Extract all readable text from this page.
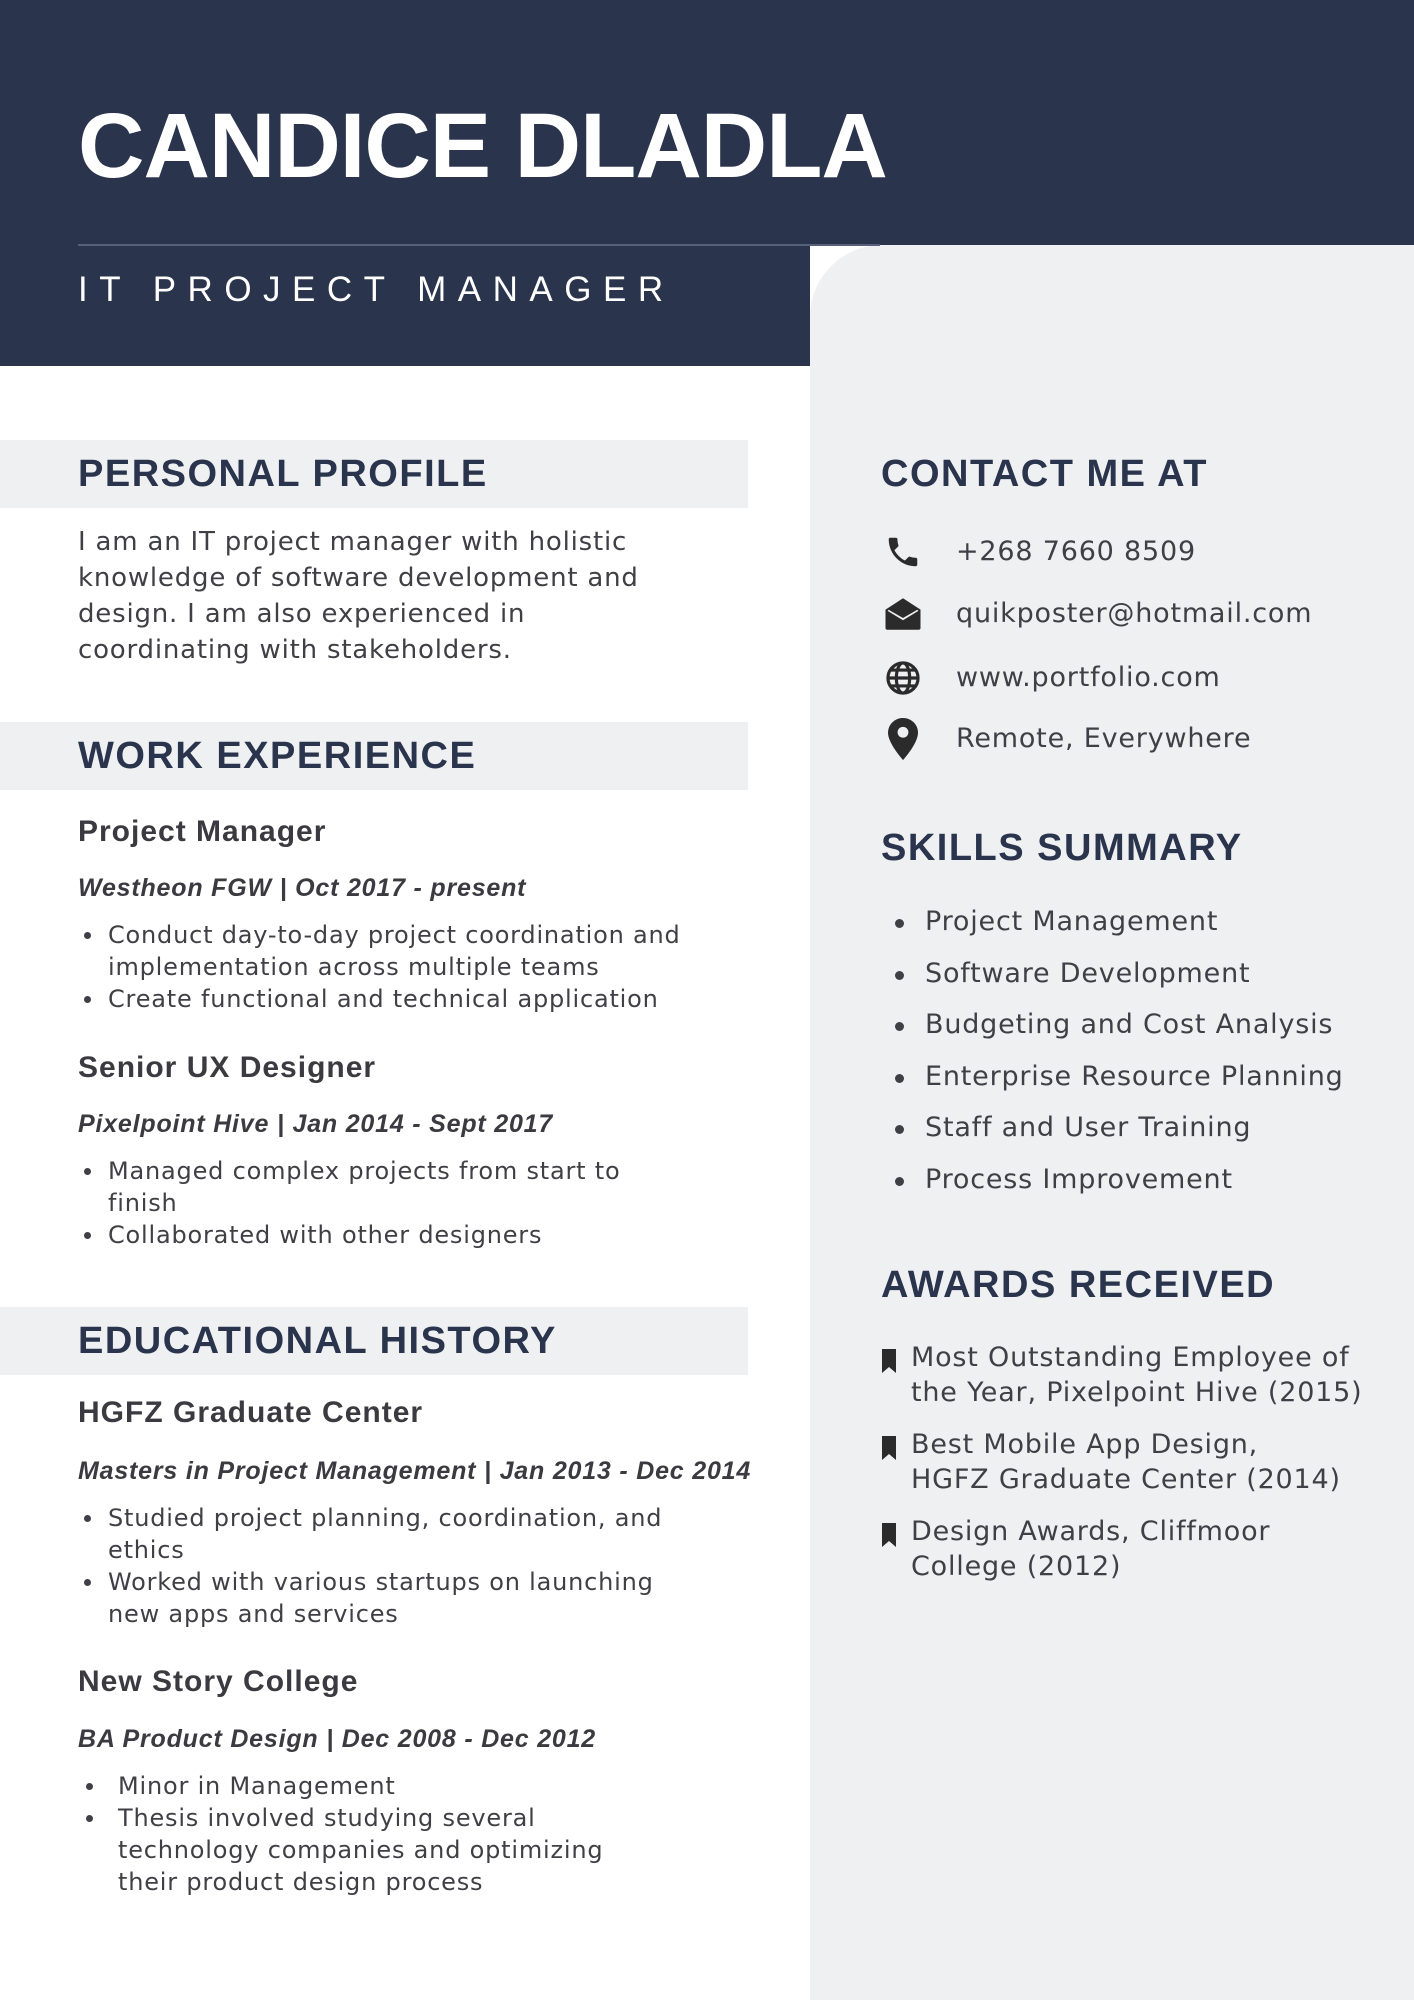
CANDICE DLADLA
IT PROJECT MANAGER
PERSONAL PROFILE

I am an IT project manager with holistic
knowledge of software development and
design. I am also experienced in
coordinating with stakeholders.

WORK EXPERIENCE
Project Manager
Westheon FGW | Oct 2017 - present
Conduct day-to-day project coordination and
implementation across multiple teams
Create functional and technical application
Senior UX Designer
Pixelpoint Hive | Jan 2014 - Sept 2017
Managed complex projects from start to
finish
Collaborated with other designers
EDUCATIONAL HISTORY
HGFZ Graduate Center
Masters in Project Management | Jan 2013 - Dec 2014
Studied project planning, coordination, and
ethics
Worked with various startups on launching
new apps and services
New Story College
BA Product Design | Dec 2008 - Dec 2012
Minor in Management
Thesis involved studying several
technology companies and optimizing
their product design process
CONTACT ME AT
+268 7660 8509
quikposter@hotmail.com
www.portfolio.com
Remote, Everywhere
SKILLS SUMMARY
Project Management
Software Development
Budgeting and Cost Analysis
Enterprise Resource Planning
Staff and User Training
Process Improvement
AWARDS RECEIVED
Most Outstanding Employee of
the Year, Pixelpoint Hive (2015)
Best Mobile App Design,
HGFZ Graduate Center (2014)
Design Awards, Cliffmoor
College (2012)
